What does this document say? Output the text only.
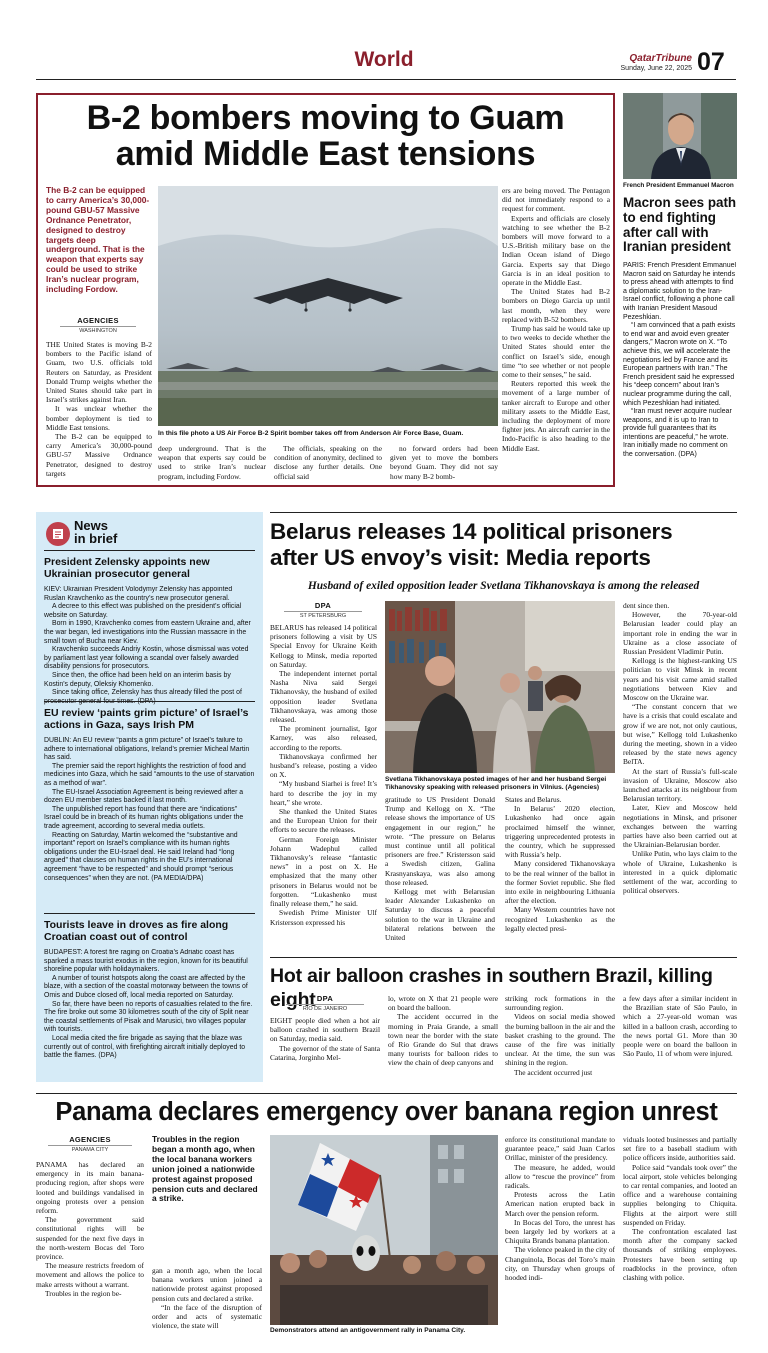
World	QatarTribune
Sunday, June 22, 2025 07
B-2 bombers moving to Guam
amid Middle East tensions
The B-2 can be equipped to carry America’s 30,000-pound GBU-57 Massive Ordnance Penetrator, designed to destroy targets deep underground. That is the weapon that experts say could be used to strike Iran’s nuclear program, including Fordow.
AGENCIES
WASHINGTON

THE United States is moving B-2 bombers to the Pacific island of Guam, two U.S. officials told Reuters on Saturday, as President Donald Trump weighs whether the United States should take part in Israel’s strikes against Iran.

It was unclear whether the bomber deployment is tied to Middle East tensions.

The B-2 can be equipped to carry America’s 30,000-pound GBU-57 Massive Ordnance Penetrator, designed to destroy targets

In this file photo a US Air Force B-2 Spirit bomber takes off from Anderson Air Force Base, Guam.

deep underground. That is the weapon that experts say could be used to strike Iran’s nuclear program, including Fordow.

The officials, speaking on the condition of anonymity, declined to disclose any further details. One official said

no forward orders had been given yet to move the bombers beyond Guam. They did not say how many B-2 bomb-

ers are being moved. The Pentagon did not immediately respond to a request for comment.

Experts and officials are closely watching to see whether the B-2 bombers will move forward to a U.S.-British military base on the Indian Ocean island of Diego Garcia. Experts say that Diego Garcia is in an ideal position to operate in the Middle East.

The United States had B-2 bombers on Diego Garcia up until last month, when they were replaced with B-52 bombers.

Trump has said he would take up to two weeks to decide whether the United States should enter the conflict on Israel’s side, enough time “to see whether or not people come to their senses,” he said.

Reuters reported this week the movement of a large number of tanker aircraft to Europe and other military assets to the Middle East, including the deployment of more fighter jets. An aircraft carrier in the Indo-Pacific is also heading to the Middle East.

French President Emmanuel Macron
Macron sees path to end fighting after call with Iranian president

PARIS: French President Emmanuel Macron said on Saturday he intends to press ahead with attempts to find a diplomatic solution to the Iran-Israel conflict, following a phone call with Iranian President Masoud Pezeshkian.

“I am convinced that a path exists to end war and avoid even greater dangers,” Macron wrote on X. “To achieve this, we will accelerate the negotiations led by France and its European partners with Iran.” The French president said he expressed his “deep concern” about Iran’s nuclear programme during the call, which Pezeshkian had initiated.

“Iran must never acquire nuclear weapons, and it is up to Iran to provide full guarantees that its intentions are peaceful,” he wrote. Iran initially made no comment on the conversation. (DPA)

News
in brief
President Zelensky appoints new Ukrainian prosecutor general

KIEV: Ukrainian President Volodymyr Zelensky has appointed Ruslan Kravchenko as the country’s new prosecutor general.

A decree to this effect was published on the president’s official website on Saturday.

Born in 1990, Kravchenko comes from eastern Ukraine and, after the war began, led investigations into the Russian massacre in the small town of Bucha near Kiev.

Kravchenko succeeds Andriy Kostin, whose dismissal was voted by parliament last year following a scandal over falsely awarded disability pensions for prosecutors.

Since then, the office had been held on an interim basis by Kostin’s deputy, Oleksiy Khomenko.

Since taking office, Zelensky has thus already filled the post of

EU review ‘paints grim picture’ of Israel’s actions in Gaza, says Irish PM

DUBLIN: An EU review “paints a grim picture” of Israel’s failure to adhere to international obligations, Ireland’s premier Micheal Martin has said.

The premier said the report highlights the restriction of food and medicines into Gaza, which he said “amounts to the use of starvation as a method of war”.

The EU-Israel Association Agreement is being reviewed after a dozen EU member states backed it last month.

The unpublished report has found that there are “indications” Israel could be in breach of its human rights obligations under the trade agreement, according to several media outlets.

Reacting on Saturday, Martin welcomed the “substantive and important” report on Israel’s compliance with its human rights obligations under the EU-Israel deal. He said Ireland had “long argued” that clauses on human rights in the EU’s international agreement “have to be respected” and should prompt “serious consequences” when they are not. (PA MEDIA/DPA)

Tourists leave in droves as fire along Croatian coast out of control

BUDAPEST: A forest fire raging on Croatia’s Adriatic coast has sparked a mass tourist exodus in the region, known for its beautiful shoreline popular with holidaymakers.

A number of tourist hotspots along the coast are affected by the blaze, with a section of the coastal motorway between the towns of Omis and Dubce closed off, local media reported on Saturday.

So far, there have been no reports of casualties related to the fire. The fire broke out some 30 kilometres south of the city of Split near the coastal settlements of Pisak and Marusici, two villages popular with tourists.

Local media cited the fire brigade as saying that the blaze was currently out of control, with firefighting aircraft initially deployed to battle the flames. (DPA)

Belarus releases 14 political prisoners
after US envoy’s visit: Media reports
Husband of exiled opposition leader Svetlana Tikhanovskaya is among the released
DPA
ST PETERSBURG

BELARUS has released 14 political prisoners following a visit by US Special Envoy for Ukraine Keith Kellogg to Minsk, media reported on Saturday.

The independent internet portal Nasha Niva said Sergei Tikhanovsky, the husband of exiled opposition leader Svetlana Tikhanovskaya, was among those released.

The prominent journalist, Igor Karney, was also released, according to the reports.

Tikhanovskaya confirmed her husband’s release, posting a video on X.

“My husband Siarhei is free! It’s hard to describe the joy in my heart,” she wrote.

She thanked the United States and the European Union for their efforts to secure the releases.

German Foreign Minister Johann Wadephul called Tikhanovsky’s release “fantastic news” in a post on X. He emphasized that the many other prisoners in Belarus would not be forgotten. “Lukashenko must finally release them,” he said.

Swedish Prime Minister Ulf Kristersson expressed his

Svetlana Tikhanovskaya posted images of her and her husband Sergei Tikhanovsky speaking with released prisoners in Vilnius. (Agencies)

gratitude to US President Donald Trump and Kellogg on X. “The release shows the importance of US engagement in our region,” he wrote. “The pressure on Belarus must continue until all political prisoners are free.” Kristersson said a Swedish citizen, Galina Krasnyanskaya, was also among those released.

Kellogg met with Belarusian leader Alexander Lukashenko on Saturday to discuss a peaceful solution to the war in Ukraine and bilateral relations between the United

States and Belarus.

In Belarus’ 2020 election, Lukashenko had once again proclaimed himself the winner, triggering unprecedented protests in the country, which he suppressed with Russia’s help.

Many considered Tikhanovskaya to be the real winner of the ballot in the former Soviet republic. She fled into exile in neighbouring Lithuania after the election.

Many Western countries have not recognized Lukashenko as the legally elected presi-

dent since then.

However, the 70-year-old Belarusian leader could play an important role in ending the war in Ukraine as a close associate of Russian President Vladimir Putin.

Kellogg is the highest-ranking US politician to visit Minsk in recent years and his visit came amid stalled negotiations between Kiev and Moscow on the Ukraine war.

“The constant concern that we have is a crisis that could escalate and grow if we are not, not only cautious, but wise,” Kellogg told Lukashenko during the meeting, shown in a video released by the state news agency BelTA.

At the start of Russia’s full-scale invasion of Ukraine, Moscow also launched attacks at its neighbour from Belarusian territory.

Later, Kiev and Moscow held negotiations in Minsk, and prisoner exchanges between the warring parties have also been carried out at the Ukrainian-Belarusian border.

Unlike Putin, who lays claim to the whole of Ukraine, Lukashenko is interested in a quick diplomatic settlement of the war, according to political observers.

Hot air balloon crashes in southern Brazil, killing eight DPA
RIO DE JANEIRO

EIGHT people died when a hot air balloon crashed in southern Brazil on Saturday, media said.

The governor of the state of Santa Catarina, Jorginho Mel-

lo, wrote on X that 21 people were on board the balloon.

The accident occurred in the morning in Praia Grande, a small town near the border with the state of Rio Grande do Sul that draws many tourists for balloon rides to view the chain of deep canyons and

striking rock formations in the surrounding region.

Videos on social media showed the burning balloon in the air and the basket crashing to the ground. The cause of the fire was initially unclear. At the time, the sun was shining in the region.

The accident occurred just

a few days after a similar incident in the Brazilian state of São Paulo, in which a 27-year-old woman was killed in a balloon crash, according to the news portal G1. More than 30 people were on board the balloon in São Paulo, 11 of whom were injured.

Panama declares emergency over banana region unrest
AGENCIES
PANAMA CITY

PANAMA has declared an emergency in its main banana-producing region, after shops were looted and buildings vandalised in ongoing protests over a pension reform.

The government said constitutional rights will be suspended for the next five days in the north-western Bocas del Toro province.

The measure restricts freedom of movement and allows the police to make arrests without a warrant.

Troubles in the region be-

Troubles in the region began a month ago, when the local banana workers union joined a nationwide protest against proposed pension cuts and declared a strike.

gan a month ago, when the local banana workers union joined a nationwide protest against proposed pension cuts and declared a strike.

“In the face of the disruption of order and acts of systematic violence, the state will

Demonstrators attend an antigovernment rally in Panama City.

enforce its constitutional mandate to guarantee peace,” said Juan Carlos Orillac, minister of the presidency.

The measure, he added, would allow to “rescue the province” from radicals.

Protests across the Latin American nation erupted back in March over the pension reform.

In Bocas del Toro, the unrest has been largely led by workers at a Chiquita Brands banana plantation.

The violence peaked in the city of Changuinola, Bocas del Toro’s main city, on Thursday when groups of hooded indi-

viduals looted businesses and partially set fire to a baseball stadium with police officers inside, authorities said.

Police said “vandals took over” the local airport, stole vehicles belonging to car rental companies, and looted an office and a warehouse containing supplies belonging to Chiquita. Flights at the airport were still suspended on Friday.

The confrontation escalated last month after the company sacked thousands of striking employees. Protesters have been setting up roadblocks in the province, often clashing with police.
